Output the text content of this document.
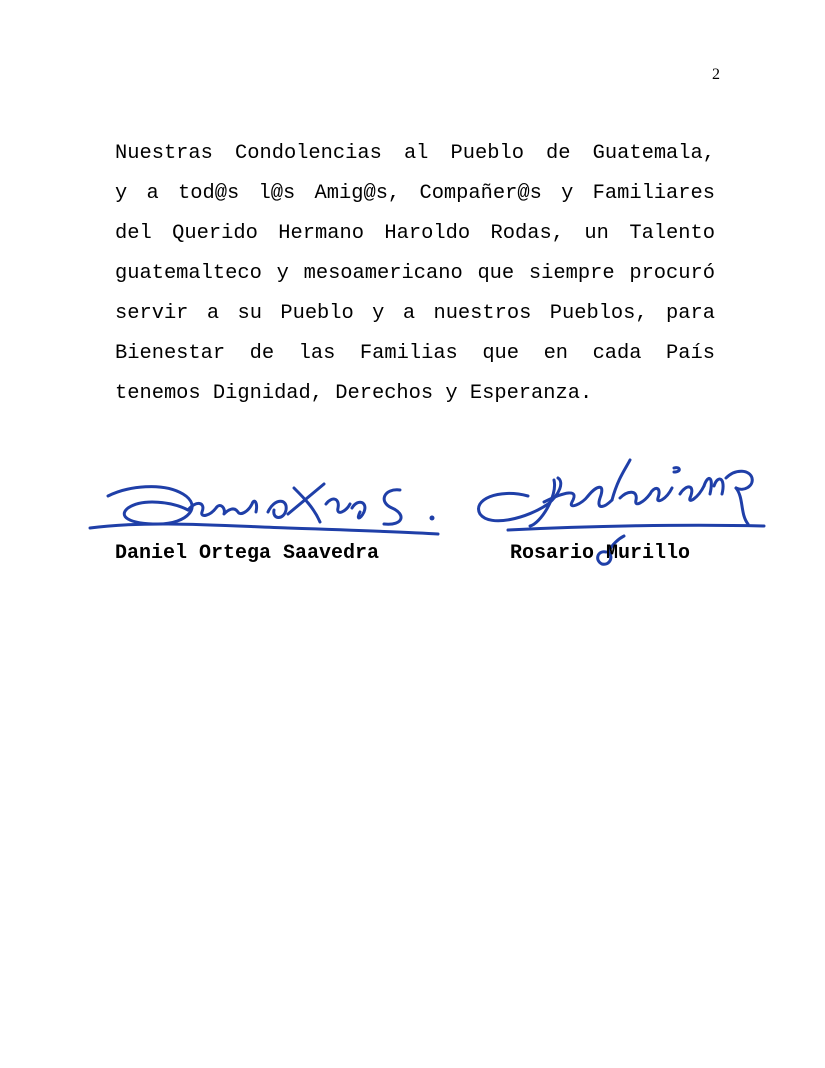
2
Nuestras Condolencias al Pueblo de Guatemala,
y a tod@s l@s Amig@s, Compañer@s y Familiares
del Querido Hermano Haroldo Rodas, un Talento
guatemalteco y mesoamericano que siempre procuró
servir a su Pueblo y a nuestros Pueblos, para
Bienestar de las Familias que en cada País
tenemos Dignidad, Derechos y Esperanza.
Daniel Ortega Saavedra	Rosario Murillo
